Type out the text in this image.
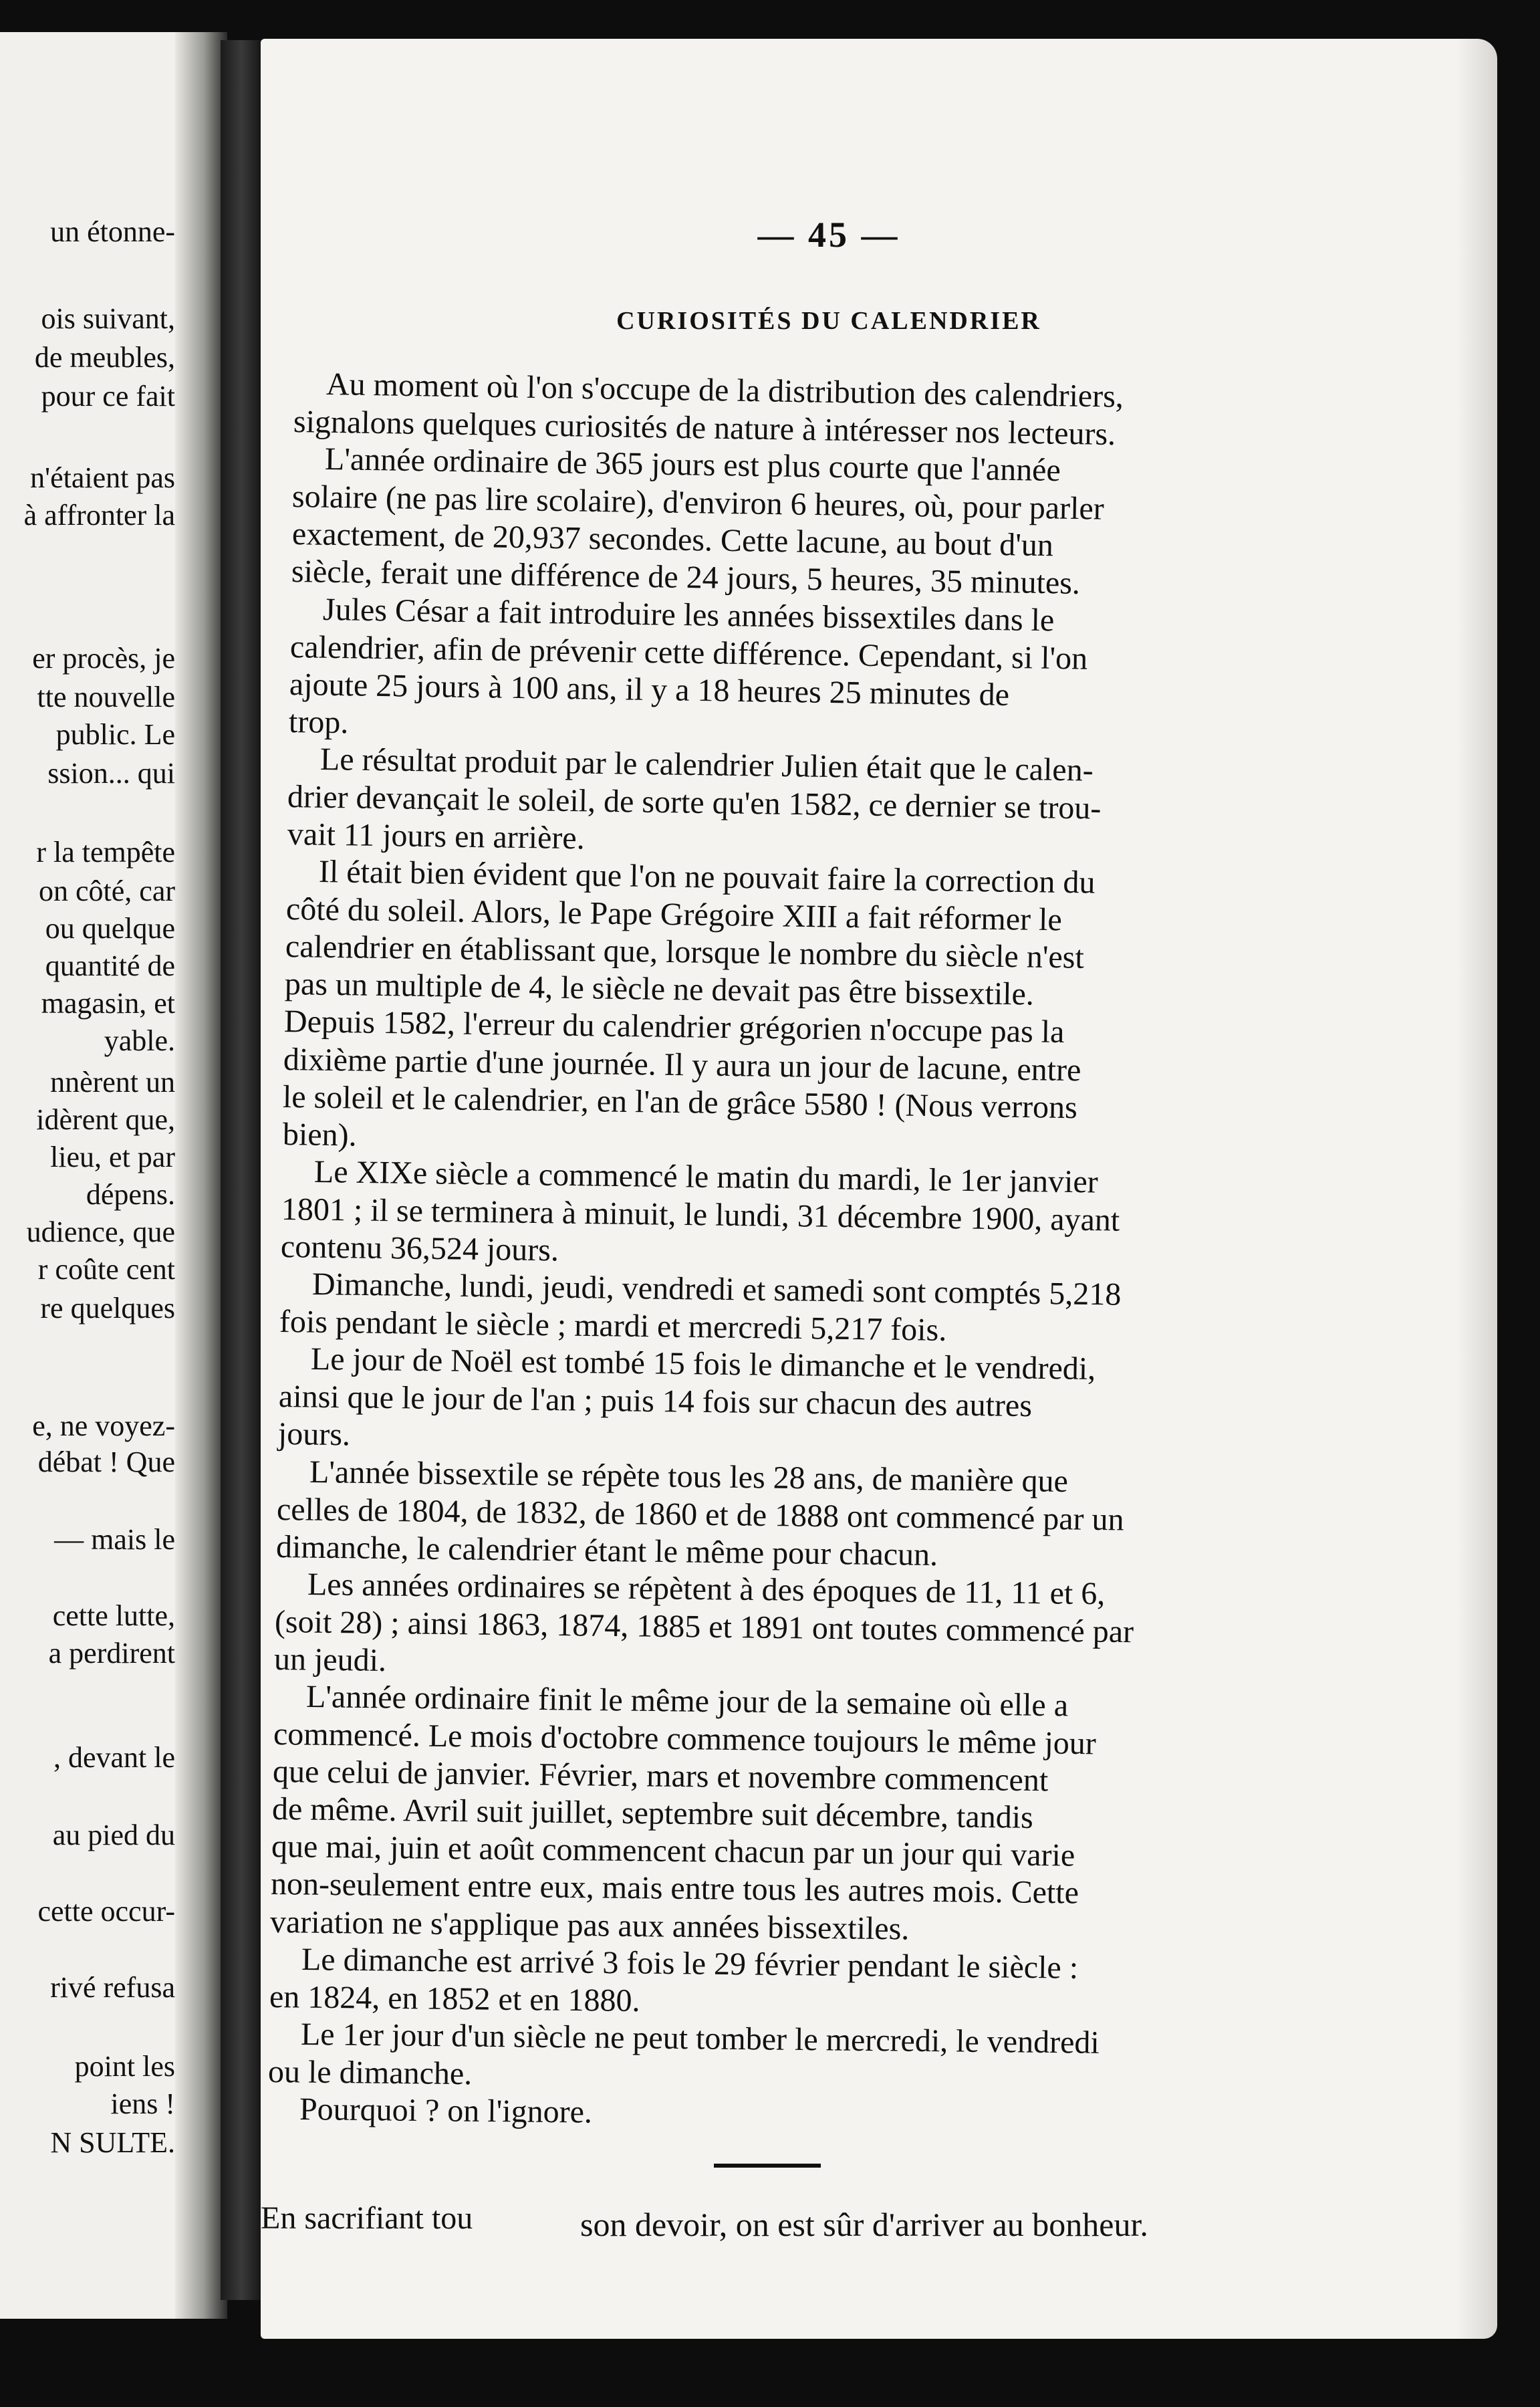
un étonne-
ois suivant,
de meubles,
pour ce fait
n'étaient pas
à affronter la
er procès, je
tte nouvelle
public. Le
ssion... qui
r la tempête
on côté, car
ou quelque
quantité de
magasin, et
yable.
nnèrent un
idèrent que,
lieu, et par
dépens.
udience, que
r coûte cent
re quelques
e, ne voyez-
débat ! Que
— mais le
cette lutte,
a perdirent
, devant le
au pied du
cette occur-
rivé refusa
point les
iens !
N SULTE.
— 45 —
CURIOSITÉS DU CALENDRIER
Au moment où l'on s'occupe de la distribution des calendriers,
signalons quelques curiosités de nature à intéresser nos lecteurs.
L'année ordinaire de 365 jours est plus courte que l'année
solaire (ne pas lire scolaire), d'environ 6 heures, où, pour parler
exactement, de 20,937 secondes. Cette lacune, au bout d'un
siècle, ferait une différence de 24 jours, 5 heures, 35 minutes.
Jules César a fait introduire les années bissextiles dans le
calendrier, afin de prévenir cette différence. Cependant, si l'on
ajoute 25 jours à 100 ans, il y a 18 heures 25 minutes de
trop.
Le résultat produit par le calendrier Julien était que le calen-
drier devançait le soleil, de sorte qu'en 1582, ce dernier se trou-
vait 11 jours en arrière.
Il était bien évident que l'on ne pouvait faire la correction du
côté du soleil. Alors, le Pape Grégoire XIII a fait réformer le
calendrier en établissant que, lorsque le nombre du siècle n'est
pas un multiple de 4, le siècle ne devait pas être bissextile.
Depuis 1582, l'erreur du calendrier grégorien n'occupe pas la
dixième partie d'une journée. Il y aura un jour de lacune, entre
le soleil et le calendrier, en l'an de grâce 5580 ! (Nous verrons
bien).
Le XIXe siècle a commencé le matin du mardi, le 1er janvier
1801 ; il se terminera à minuit, le lundi, 31 décembre 1900, ayant
contenu 36,524 jours.
Dimanche, lundi, jeudi, vendredi et samedi sont comptés 5,218
fois pendant le siècle ; mardi et mercredi 5,217 fois.
Le jour de Noël est tombé 15 fois le dimanche et le vendredi,
ainsi que le jour de l'an ; puis 14 fois sur chacun des autres
jours.
L'année bissextile se répète tous les 28 ans, de manière que
celles de 1804, de 1832, de 1860 et de 1888 ont commencé par un
dimanche, le calendrier étant le même pour chacun.
Les années ordinaires se répètent à des époques de 11, 11 et 6,
(soit 28) ; ainsi 1863, 1874, 1885 et 1891 ont toutes commencé par
un jeudi.
L'année ordinaire finit le même jour de la semaine où elle a
commencé. Le mois d'octobre commence toujours le même jour
que celui de janvier. Février, mars et novembre commencent
de même. Avril suit juillet, septembre suit décembre, tandis
que mai, juin et août commencent chacun par un jour qui varie
non-seulement entre eux, mais entre tous les autres mois. Cette
variation ne s'applique pas aux années bissextiles.
Le dimanche est arrivé 3 fois le 29 février pendant le siècle :
en 1824, en 1852 et en 1880.
Le 1er jour d'un siècle ne peut tomber le mercredi, le vendredi
ou le dimanche.
Pourquoi ? on l'ignore.
En sacrifiant tou	son devoir, on est sûr d'arriver au bonheur.
